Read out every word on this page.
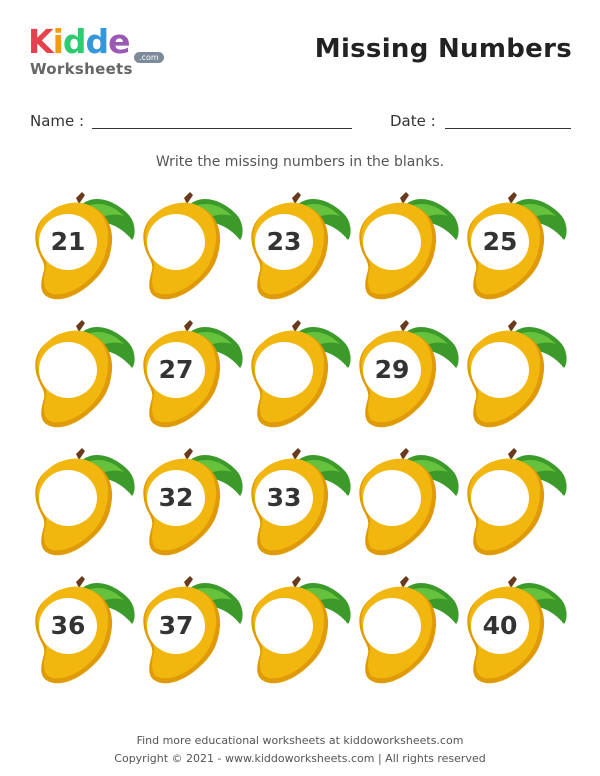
Kidde
Worksheets
.com	Missing Numbers
Name :	Date :
Write the missing numbers in the blanks.
21	23	25
27	29
32	33
36	37	40
Find more educational worksheets at kiddoworksheets.com
Copyright © 2021 - www.kiddoworksheets.com | All rights reserved
